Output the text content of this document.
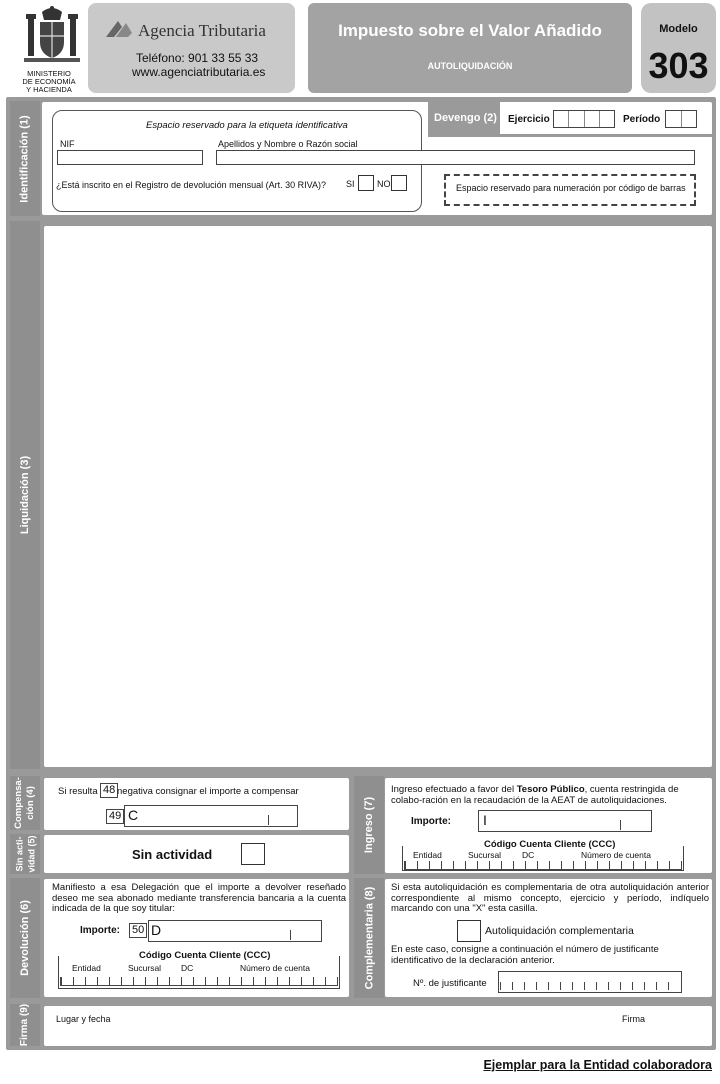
MINISTERIO
DE ECONOMÍA
Y HACIENDA
Agencia Tributaria
Teléfono: 901 33 55 33
www.agenciatributaria.es
Impuesto sobre el Valor Añadido
AUTOLIQUIDACIÓN
Modelo
303
Identificación (1)	Espacio reservado para la etiqueta identificativa
NIF	Apellidos y Nombre o Razón social
¿Está inscrito en el Registro de devolución mensual (Art. 30 RIVA)? SI NO	Espacio reservado para numeración por código de barras
Devengo (2) Ejercicio	Período
Liquidación (3)
Compensa- ción (4) Si resulta 48 negativa consignar el importe a compensar
49 C
Sin acti- vidad (5)	Sin actividad
Devolución (6)
Manifiesto a esa Delegación que el importe a devolver reseñado deseo me sea abonado mediante transferencia bancaria a la cuenta indicada de la que soy titular:
Importe: 50 D
Código Cuenta Cliente (CCC)
Entidad	Sucursal DC	Número de cuenta
Ingreso (7)
Ingreso efectuado a favor del Tesoro Público, cuenta restringida de colabo-ración en la recaudación de la AEAT de autoliquidaciones.
Importe: I
Código Cuenta Cliente (CCC)
Entidad	Sucursal DC	Número de cuenta
Complementaria (8) Si esta autoliquidación es complementaria de otra autoliquidación anterior correspondiente al mismo concepto, ejercicio y período, indíquelo marcando con una "X" esta casilla.
Autoliquidación complementaria
En este caso, consigne a continuación el número de justificante identificativo de la declaración anterior.
Nº. de justificante
Firma (9)	Lugar y fecha	Firma
Ejemplar para la Entidad colaboradora
